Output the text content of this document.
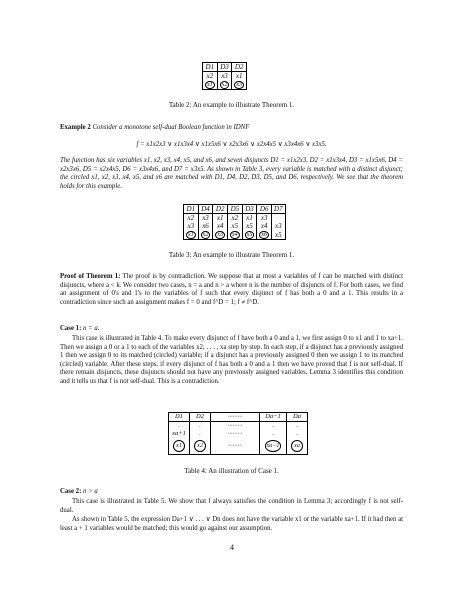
D1	D3	D2
x2	x3	x1
x1	x2	x3
Table 2: An example to illustrate Theorem 1.
Example 2 Consider a monotone self-dual Boolean function in IDNF
f = x1x2x3 ∨ x1x3x4 ∨ x1x5x6 ∨ x2x3x6 ∨ x2x4x5 ∨ x3x4x6 ∨ x3x5.
The function has six variables x1, x2, x3, x4, x5, and x6, and seven disjuncts D1 = x1x2x3, D2 = x1x3x4, D3 = x1x5x6, D4 = x2x3x6, D5 = x2x4x5, D6 = x3x4x6, and D7 = x3x5. As shown in Table 3, every variable is matched with a distinct disjunct; the circled x1, x2, x3, x4, x5, and x6 are matched with D1, D4, D2, D3, D5, and D6, respectively. We see that the theorem holds for this example.
D1	D4	D2	D5	D3	D6	D7
x2	x3	x1	x2	x1	x3	
x3	x6	x4	x5	x5	x4	x3
x1	x2	x3	x4	x5	x6	x5
Table 3: An example to illustrate Theorem 1.
Proof of Theorem 1: The proof is by contradiction. We suppose that at most a variables of f can be matched with distinct disjuncts, where a < k. We consider two cases, n = a and n > a where n is the number of disjuncts of f. For both cases, we find an assignment of 0's and 1's to the variables of f such that every disjunct of f has both a 0 and a 1. This results in a contradiction since such an assignment makes f = 0 and f^D = 1; f ≠ f^D.
Case 1: n = a.
This case is illustrated in Table 4. To make every disjunct of f have both a 0 and a 1, we first assign 0 to x1 and 1 to xa+1. Then we assign a 0 or a 1 to each of the variables x2, . . . , xa step by step. In each step, if a disjunct has a previously assigned 1 then we assign 0 to its matched (circled) variable; if a disjunct has a previously assigned 0 then we assign 1 to its matched (circled) variable. After these steps, if every disjunct of f has both a 0 and a 1 then we have proved that f is not self-dual. If there remain disjuncts, these disjuncts should not have any previously assigned variables. Lemma 3 identifies this condition and it tells us that f is not self-dual. This is a contradiction.
D1	D2	·········	Da−1	Da
.	.	·········	.	.
xa+1	.	·········	.	.
x1	x2	·········	xa−1	xa
Table 4: An illustration of Case 1.
Case 2: n > a
This case is illustrated in Table 5. We show that f always satisfies the condition in Lemma 3; accordingly f is not self-dual.
As shown in Table 5, the expression Da+1 ∨ . . . ∨ Dn does not have the variable x1 or the variable xa+1. If it had then at least a + 1 variables would be matched; this would go against our assumption.
4
